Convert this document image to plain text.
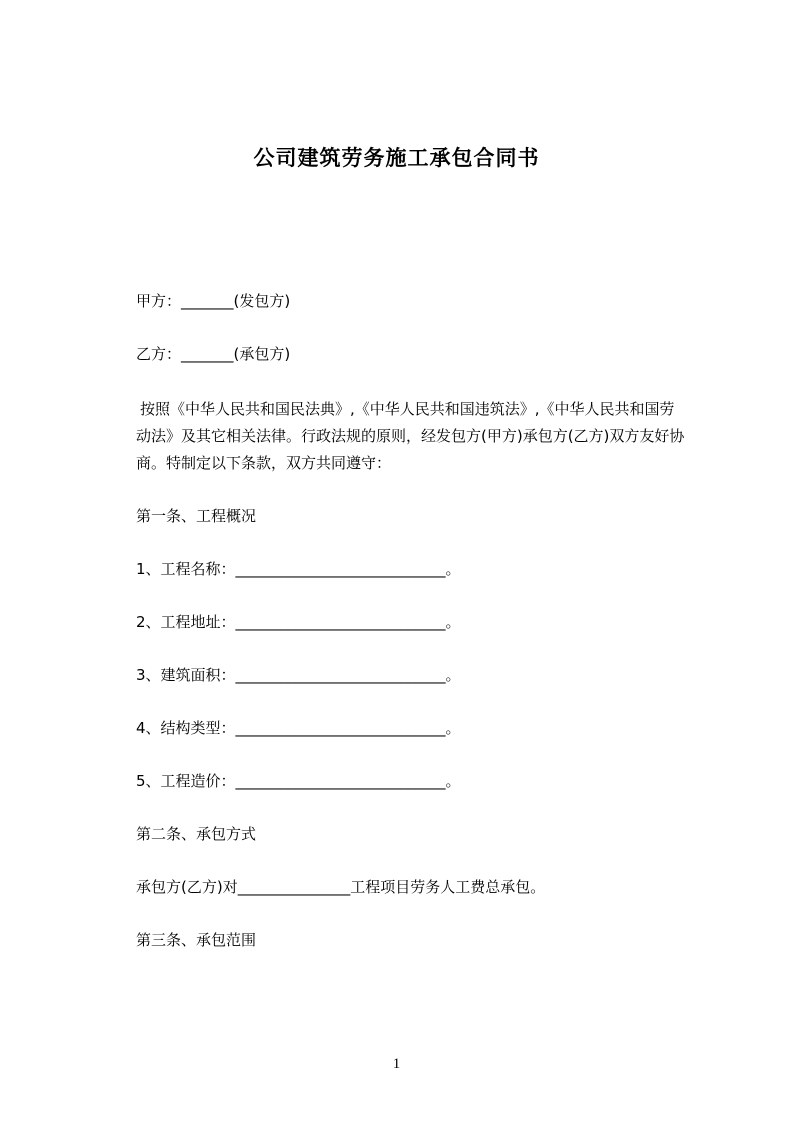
公司建筑劳务施工承包合同书
甲方：_______(发包方)
乙方：_______(承包方)
按照《中华人民共和国民法典》,《中华人民共和国违筑法》,《中华人民共和国劳
动法》及其它相关法律。行政法规的原则，经发包方(甲方)承包方(乙方)双方友好协
商。特制定以下条款，双方共同遵守：
第一条、工程概况
1、工程名称：____________________________。
2、工程地址：____________________________。
3、建筑面积：____________________________。
4、结构类型：____________________________。
5、工程造价：____________________________。
第二条、承包方式
承包方(乙方)对_______________工程项目劳务人工费总承包。
第三条、承包范围
1
